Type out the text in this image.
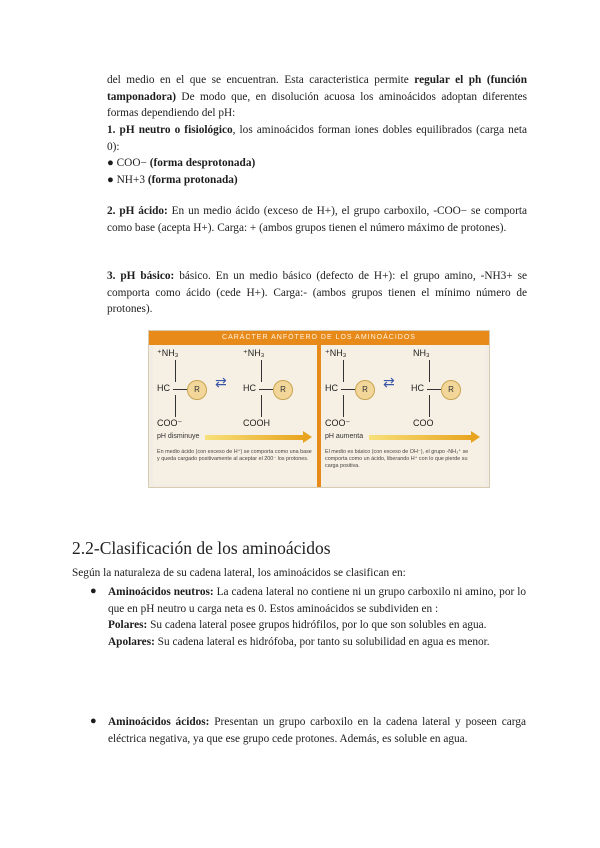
del medio en el que se encuentran. Esta caracteristica permite regular el ph (función tamponadora) De modo que, en disolución acuosa los aminoácidos adoptan diferentes formas dependiendo del pH:

1. pH neutro o fisiológico, los aminoácidos forman iones dobles equilibrados (carga neta 0):

● COO− (forma desprotonada)
● NH+3 (forma protonada)

2. pH ácido: En un medio ácido (exceso de H+), el grupo carboxilo, -COO− se comporta como base (acepta H+). Carga: + (ambos grupos tienen el número máximo de protones).

3. pH básico: básico. En un medio básico (defecto de H+): el grupo amino, -NH3+ se comporta como ácido (cede H+). Carga:- (ambos grupos tienen el mínimo número de protones).

CARÁCTER ANFÓTERO DE LOS AMINOÁCIDOS
⁺NH₃
HC	R
COO⁻
⇄
⁺NH₃
HC	R
COOH
pH disminuye
En medio ácido (con exceso de H⁺) se comporta como una base y queda cargado positivamente al aceptar el 200⁻ los protones.
⁺NH₃
HC	R
COO⁻
⇄
NH₃
HC	R
COO
pH aumenta
El medio es básico (con exceso de OH⁻), el grupo -NH₃⁺ se comporta como un ácido, liberando H⁺ con lo que pierde su carga positiva.
2.2-Clasificación de los aminoácidos
Según la naturaleza de su cadena lateral, los aminoácidos se clasifican en:
● Aminoácidos neutros: La cadena lateral no contiene ni un grupo carboxilo ni amino, por lo que en pH neutro u carga neta es 0. Estos aminoácidos se subdividen en :

Polares: Su cadena lateral posee grupos hidrófilos, por lo que son solubles en agua.

Apolares: Su cadena lateral es hidrófoba, por tanto su solubilidad en agua es menor.

● Aminoácidos ácidos: Presentan un grupo carboxilo en la cadena lateral y poseen carga eléctrica negativa, ya que ese grupo cede protones. Además, es soluble en agua.
